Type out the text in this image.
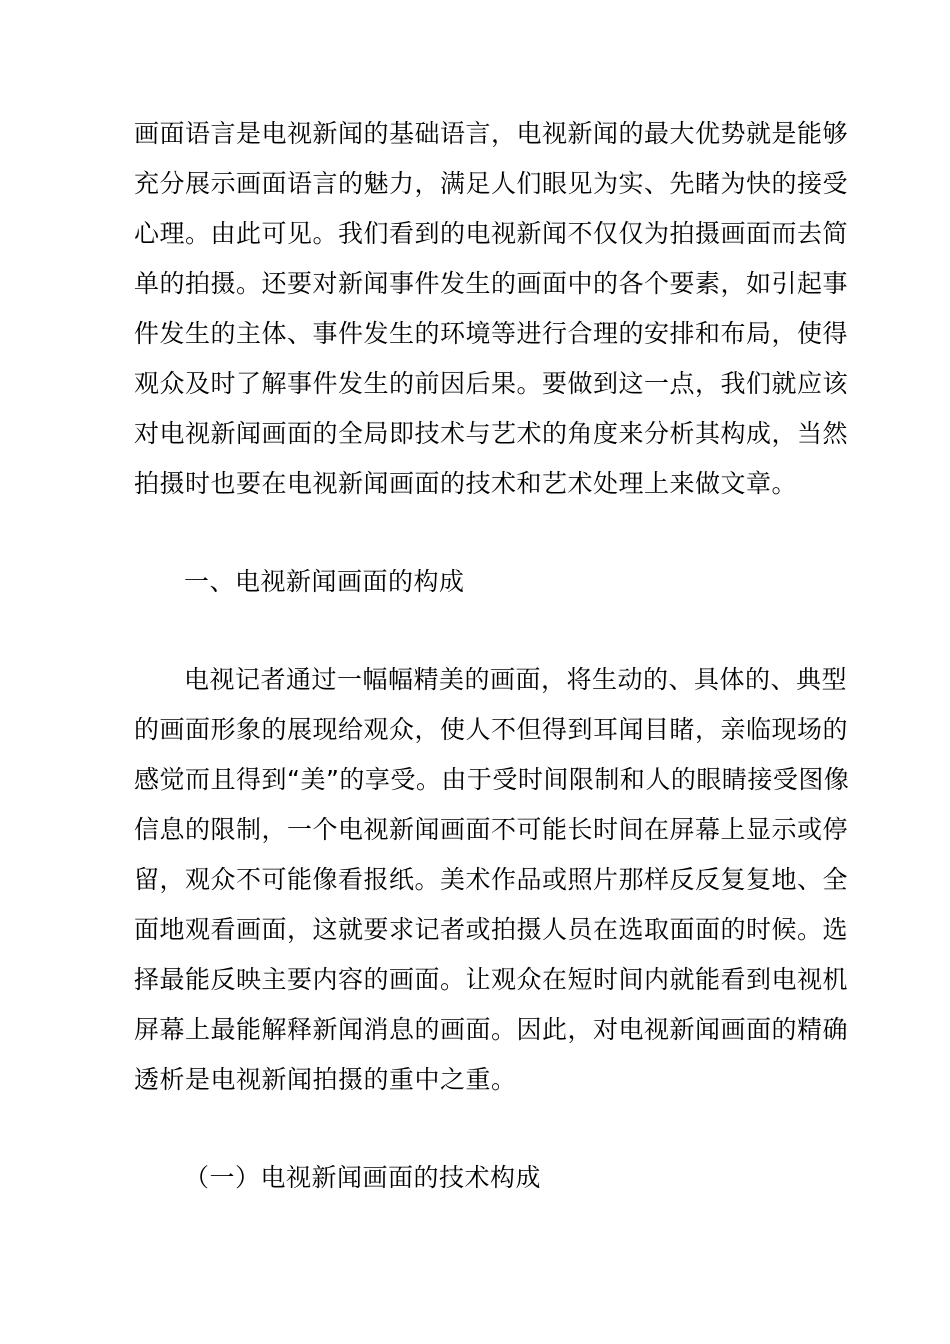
画面语言是电视新闻的基础语言，电视新闻的最大优势就是能够
充分展示画面语言的魅力，满足人们眼见为实、先睹为快的接受
心理。由此可见。我们看到的电视新闻不仅仅为拍摄画面而去简
单的拍摄。还要对新闻事件发生的画面中的各个要素，如引起事
件发生的主体、事件发生的环境等进行合理的安排和布局，使得
观众及时了解事件发生的前因后果。要做到这一点，我们就应该
对电视新闻画面的全局即技术与艺术的角度来分析其构成，当然
拍摄时也要在电视新闻画面的技术和艺术处理上来做文章。
一、电视新闻画面的构成
电视记者通过一幅幅精美的画面，将生动的、具体的、典型
的画面形象的展现给观众，使人不但得到耳闻目睹，亲临现场的
感觉而且得到“美”的享受。由于受时间限制和人的眼睛接受图像
信息的限制，一个电视新闻画面不可能长时间在屏幕上显示或停
留，观众不可能像看报纸。美术作品或照片那样反反复复地、全
面地观看画面，这就要求记者或拍摄人员在选取面面的时候。选
择最能反映主要内容的画面。让观众在短时间内就能看到电视机
屏幕上最能解释新闻消息的画面。因此，对电视新闻画面的精确
透析是电视新闻拍摄的重中之重。
（一）电视新闻画面的技术构成
